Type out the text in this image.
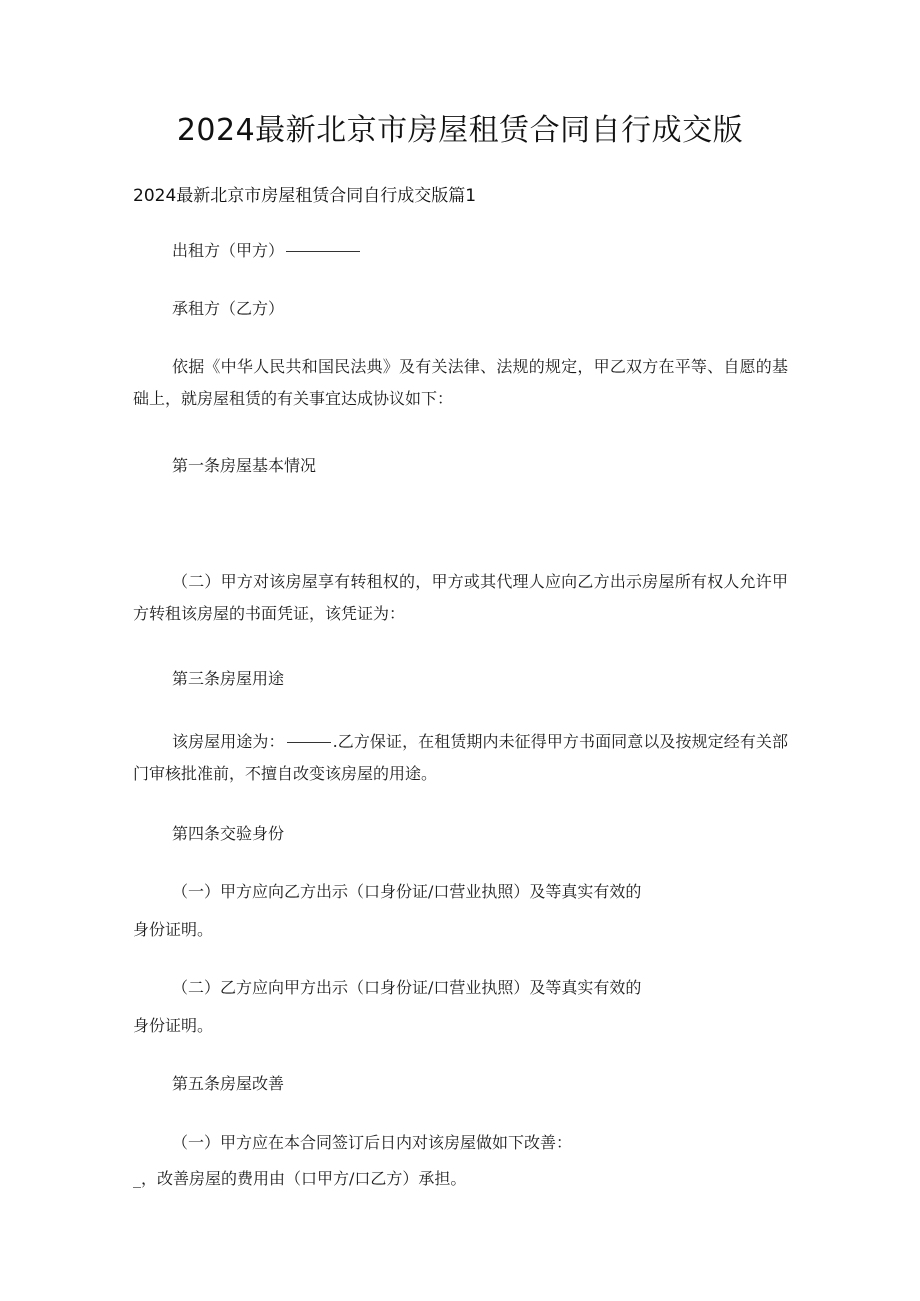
2024最新北京市房屋租赁合同自行成交版
2024最新北京市房屋租赁合同自行成交版篇1
出租方（甲方）
承租方（乙方）
依据《中华人民共和国民法典》及有关法律、法规的规定，甲乙双方在平等、自愿的基础上，就房屋租赁的有关事宜达成协议如下：
第一条房屋基本情况
（二）甲方对该房屋享有转租权的，甲方或其代理人应向乙方出示房屋所有权人允许甲方转租该房屋的书面凭证，该凭证为：
第三条房屋用途
该房屋用途为：	.乙方保证，在租赁期内未征得甲方书面同意以及按规定经有关部门审核批准前，不擅自改变该房屋的用途。
第四条交验身份
（一）甲方应向乙方出示（口身份证/口营业执照）及等真实有效的
身份证明。
（二）乙方应向甲方出示（口身份证/口营业执照）及等真实有效的
身份证明。
第五条房屋改善
（一）甲方应在本合同签订后日内对该房屋做如下改善：
_，改善房屋的费用由（口甲方/口乙方）承担。
